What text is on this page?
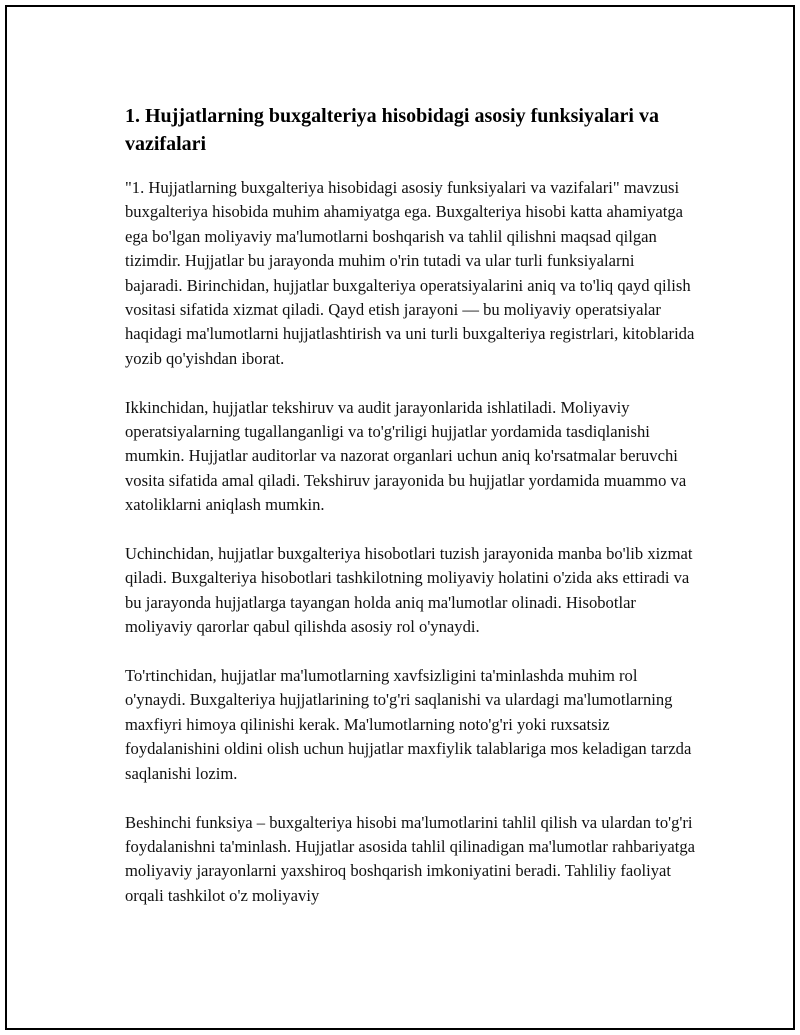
1. Hujjatlarning buxgalteriya hisobidagi asosiy funksiyalari va vazifalari

"1. Hujjatlarning buxgalteriya hisobidagi asosiy funksiyalari va vazifalari" mavzusi buxgalteriya hisobida muhim ahamiyatga ega. Buxgalteriya hisobi katta ahamiyatga ega bo'lgan moliyaviy ma'lumotlarni boshqarish va tahlil qilishni maqsad qilgan tizimdir. Hujjatlar bu jarayonda muhim o'rin tutadi va ular turli funksiyalarni bajaradi. Birinchidan, hujjatlar buxgalteriya operatsiyalarini aniq va to'liq qayd qilish vositasi sifatida xizmat qiladi. Qayd etish jarayoni — bu moliyaviy operatsiyalar haqidagi ma'lumotlarni hujjatlashtirish va uni turli buxgalteriya registrlari, kitoblarida yozib qo'yishdan iborat.

Ikkinchidan, hujjatlar tekshiruv va audit jarayonlarida ishlatiladi. Moliyaviy operatsiyalarning tugallanganligi va to'g'riligi hujjatlar yordamida tasdiqlanishi mumkin. Hujjatlar auditorlar va nazorat organlari uchun aniq ko'rsatmalar beruvchi vosita sifatida amal qiladi. Tekshiruv jarayonida bu hujjatlar yordamida muammo va xatoliklarni aniqlash mumkin.

Uchinchidan, hujjatlar buxgalteriya hisobotlari tuzish jarayonida manba bo'lib xizmat qiladi. Buxgalteriya hisobotlari tashkilotning moliyaviy holatini o'zida aks ettiradi va bu jarayonda hujjatlarga tayangan holda aniq ma'lumotlar olinadi. Hisobotlar moliyaviy qarorlar qabul qilishda asosiy rol o'ynaydi.

To'rtinchidan, hujjatlar ma'lumotlarning xavfsizligini ta'minlashda muhim rol o'ynaydi. Buxgalteriya hujjatlarining to'g'ri saqlanishi va ulardagi ma'lumotlarning maxfiyri himoya qilinishi kerak. Ma'lumotlarning noto'g'ri yoki ruxsatsiz foydalanishini oldini olish uchun hujjatlar maxfiylik talablariga mos keladigan tarzda saqlanishi lozim.

Beshinchi funksiya – buxgalteriya hisobi ma'lumotlarini tahlil qilish va ulardan to'g'ri foydalanishni ta'minlash. Hujjatlar asosida tahlil qilinadigan ma'lumotlar rahbariyatga moliyaviy jarayonlarni yaxshiroq boshqarish imkoniyatini beradi. Tahliliy faoliyat orqali tashkilot o'z moliyaviy
